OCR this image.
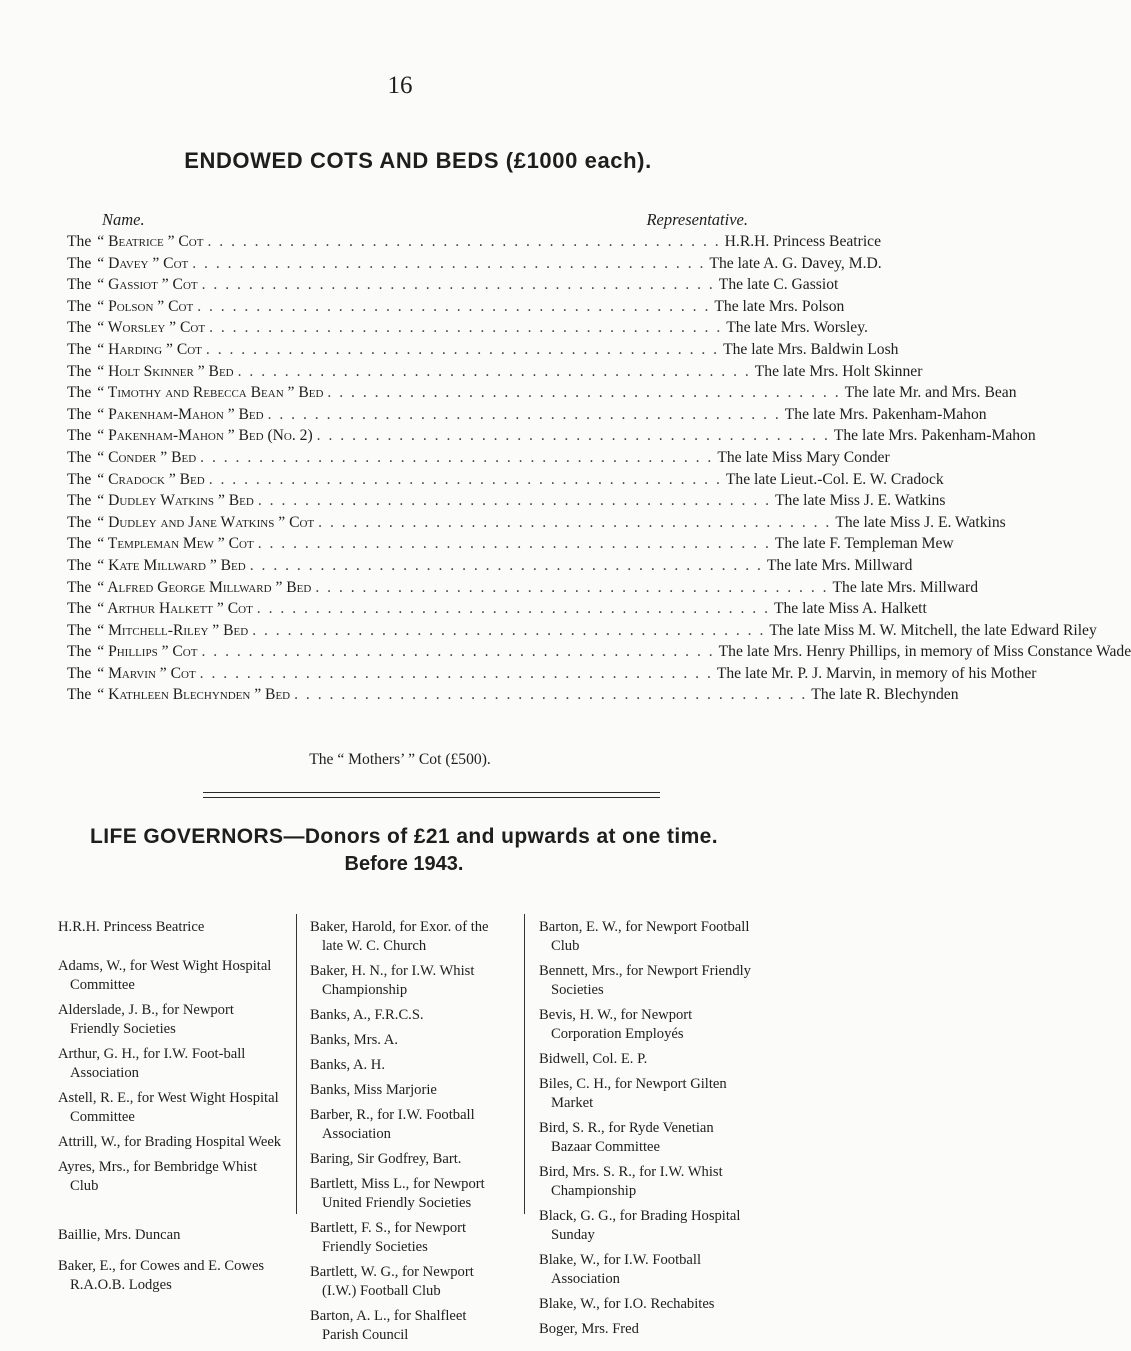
16
ENDOWED COTS AND BEDS (£1000 each).
Name.	Representative.
The “ Beatrice ” Cot . . . . . . . . . . . . . . . . . . . . . . . . . . . . . . . . . . . . . . . . . . . . H.R.H. Princess Beatrice
The “ Davey ” Cot . . . . . . . . . . . . . . . . . . . . . . . . . . . . . . . . . . . . . . . . . . . . The late A. G. Davey, M.D.
The “ Gassiot ” Cot . . . . . . . . . . . . . . . . . . . . . . . . . . . . . . . . . . . . . . . . . . . . The late C. Gassiot
The “ Polson ” Cot . . . . . . . . . . . . . . . . . . . . . . . . . . . . . . . . . . . . . . . . . . . . The late Mrs. Polson
The “ Worsley ” Cot . . . . . . . . . . . . . . . . . . . . . . . . . . . . . . . . . . . . . . . . . . . . The late Mrs. Worsley.
The “ Harding ” Cot . . . . . . . . . . . . . . . . . . . . . . . . . . . . . . . . . . . . . . . . . . . . The late Mrs. Baldwin Losh
The “ Holt Skinner ” Bed . . . . . . . . . . . . . . . . . . . . . . . . . . . . . . . . . . . . . . . . . . . . The late Mrs. Holt Skinner
The “ Timothy and Rebecca Bean ” Bed . . . . . . . . . . . . . . . . . . . . . . . . . . . . . . . . . . . . . . . . . . . . The late Mr. and Mrs. Bean
The “ Pakenham-Mahon ” Bed . . . . . . . . . . . . . . . . . . . . . . . . . . . . . . . . . . . . . . . . . . . . The late Mrs. Pakenham-Mahon
The “ Pakenham-Mahon ” Bed (No. 2) . . . . . . . . . . . . . . . . . . . . . . . . . . . . . . . . . . . . . . . . . . . . The late Mrs. Pakenham-Mahon
The “ Conder ” Bed . . . . . . . . . . . . . . . . . . . . . . . . . . . . . . . . . . . . . . . . . . . . The late Miss Mary Conder
The “ Cradock ” Bed . . . . . . . . . . . . . . . . . . . . . . . . . . . . . . . . . . . . . . . . . . . . The late Lieut.-Col. E. W. Cradock
The “ Dudley Watkins ” Bed . . . . . . . . . . . . . . . . . . . . . . . . . . . . . . . . . . . . . . . . . . . . The late Miss J. E. Watkins
The “ Dudley and Jane Watkins ” Cot . . . . . . . . . . . . . . . . . . . . . . . . . . . . . . . . . . . . . . . . . . . . The late Miss J. E. Watkins
The “ Templeman Mew ” Cot . . . . . . . . . . . . . . . . . . . . . . . . . . . . . . . . . . . . . . . . . . . . The late F. Templeman Mew
The “ Kate Millward ” Bed . . . . . . . . . . . . . . . . . . . . . . . . . . . . . . . . . . . . . . . . . . . . The late Mrs. Millward
The “ Alfred George Millward ” Bed . . . . . . . . . . . . . . . . . . . . . . . . . . . . . . . . . . . . . . . . . . . . The late Mrs. Millward
The “ Arthur Halkett ” Cot . . . . . . . . . . . . . . . . . . . . . . . . . . . . . . . . . . . . . . . . . . . . The late Miss A. Halkett
The “ Mitchell-Riley ” Bed . . . . . . . . . . . . . . . . . . . . . . . . . . . . . . . . . . . . . . . . . . . . The late Miss M. W. Mitchell, the late Edward Riley
The “ Phillips ” Cot . . . . . . . . . . . . . . . . . . . . . . . . . . . . . . . . . . . . . . . . . . . . The late Mrs. Henry Phillips, in memory of Miss Constance Wade
The “ Marvin ” Cot . . . . . . . . . . . . . . . . . . . . . . . . . . . . . . . . . . . . . . . . . . . . The late Mr. P. J. Marvin, in memory of his Mother
The “ Kathleen Blechynden ” Bed . . . . . . . . . . . . . . . . . . . . . . . . . . . . . . . . . . . . . . . . . . . . The late R. Blechynden
The “ Mothers’ ” Cot (£500).
LIFE GOVERNORS—Donors of £21 and upwards at one time.
Before 1943.
H.R.H. Princess Beatrice
Adams, W., for West Wight Hospital Committee
Alderslade, J. B., for Newport Friendly Societies
Arthur, G. H., for I.W. Foot-ball Association
Astell, R. E., for West Wight Hospital Committee
Attrill, W., for Brading Hospital Week
Ayres, Mrs., for Bembridge Whist Club
Baillie, Mrs. Duncan
Baker, E., for Cowes and E. Cowes R.A.O.B. Lodges
Baker, Harold, for Exor. of the late W. C. Church
Baker, H. N., for I.W. Whist Championship
Banks, A., F.R.C.S.
Banks, Mrs. A.
Banks, A. H.
Banks, Miss Marjorie
Barber, R., for I.W. Football Association
Baring, Sir Godfrey, Bart.
Bartlett, Miss L., for Newport United Friendly Societies
Bartlett, F. S., for Newport Friendly Societies
Bartlett, W. G., for Newport (I.W.) Football Club
Barton, A. L., for Shalfleet Parish Council
Barton, E. W., for Newport Football Club
Bennett, Mrs., for Newport Friendly Societies
Bevis, H. W., for Newport Corporation Employés
Bidwell, Col. E. P.
Biles, C. H., for Newport Gilten Market
Bird, S. R., for Ryde Venetian Bazaar Committee
Bird, Mrs. S. R., for I.W. Whist Championship
Black, G. G., for Brading Hospital Sunday
Blake, W., for I.W. Football Association
Blake, W., for I.O. Rechabites
Boger, Mrs. Fred
